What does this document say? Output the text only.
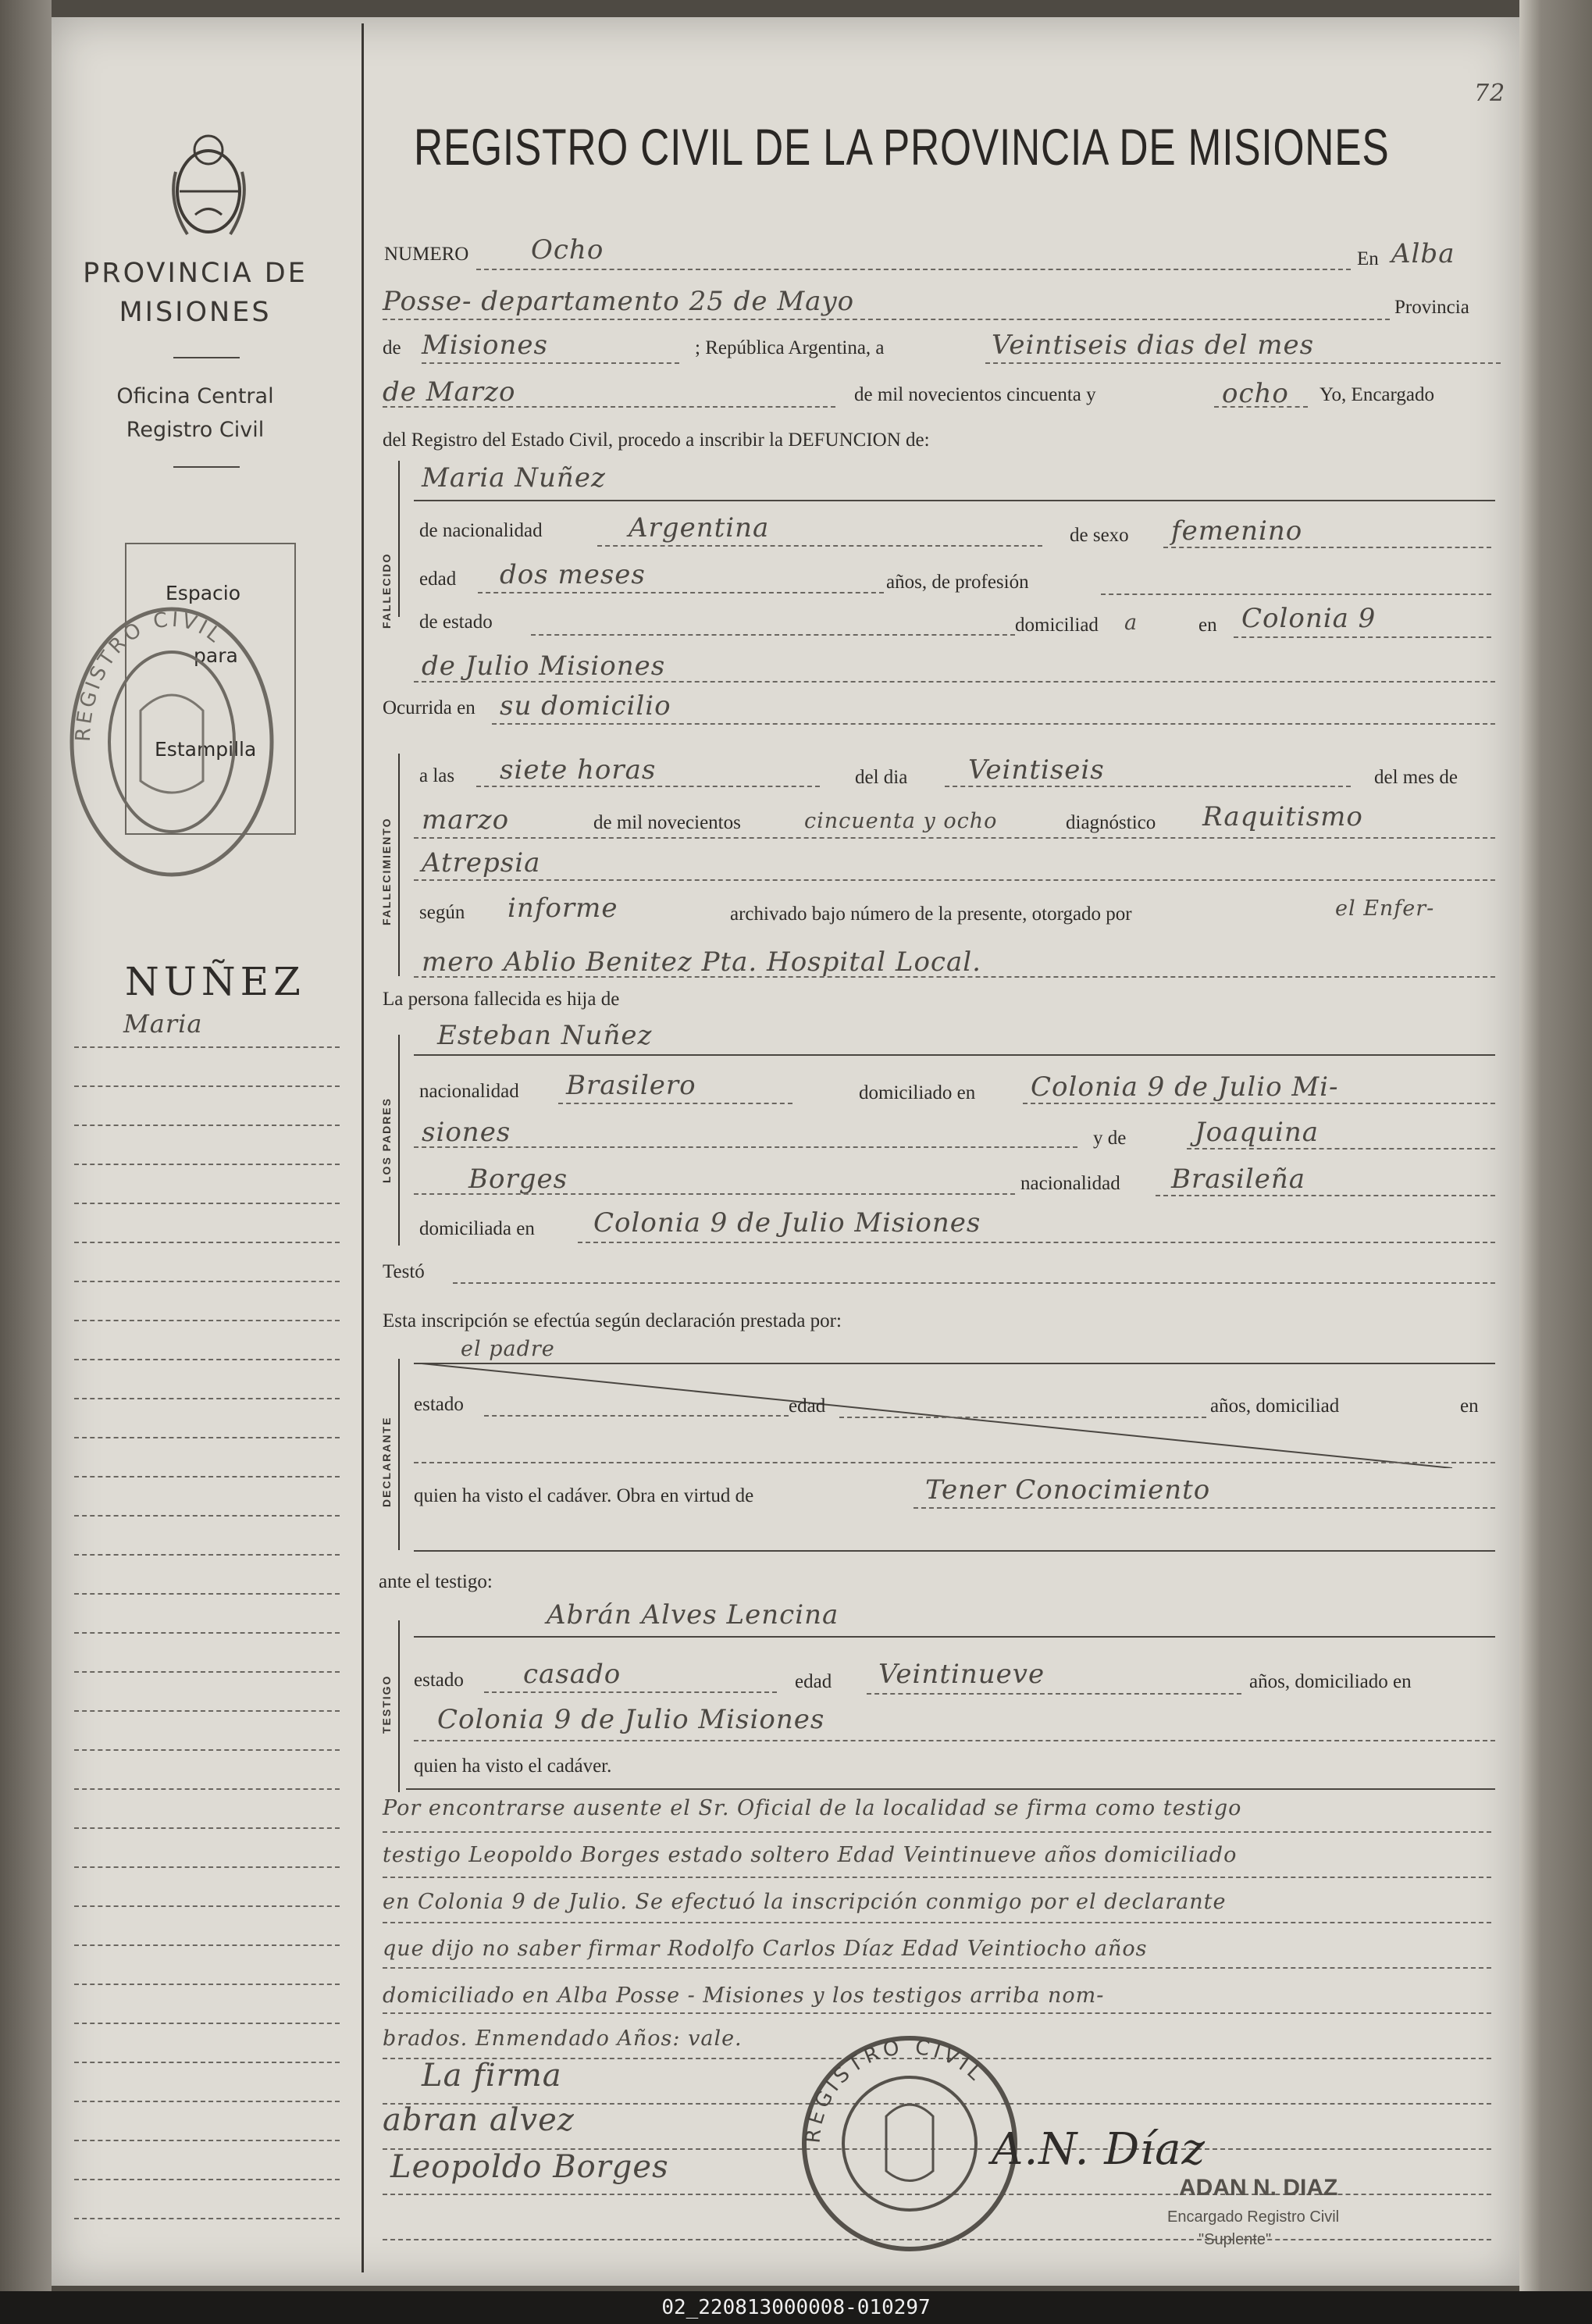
72
REGISTRO CIVIL DE LA PROVINCIA DE MISIONES
PROVINCIA DE
MISIONES
Oficina Central
Registro Civil
Espacio
para
Estampilla
REGISTRO CIVIL
NUÑEZ
Maria
NUMERO Ocho	En Alba
Posse- departamento 25 de Mayo	Provincia
de Misiones	; República Argentina, a	Veintiseis dias del mes
de Marzo	de mil novecientos cincuenta y	ocho Yo, Encargado
del Registro del Estado Civil, procedo a inscribir la DEFUNCION de:
FALLECIDO
Maria Nuñez
de nacionalidad	Argentina	de sexo femenino
edad dos meses	años, de profesión
de estado	domiciliad a	en Colonia 9
de Julio Misiones
Ocurrida en su domicilio
FALLECIMIENTO
a las siete horas	del dia Veintiseis	del mes de
marzo	de mil novecientos	cincuenta y ocho	diagnóstico Raquitismo
Atrepsia
según informe	archivado bajo número de la presente, otorgado por	el Enfer-
mero Ablio Benitez Pta. Hospital Local.
La persona fallecida es hija de
LOS PADRES
Esteban Nuñez
nacionalidad Brasilero	domiciliado en Colonia 9 de Julio Mi-
siones	y de	Joaquina
Borges	nacionalidad Brasileña
domiciliada en Colonia 9 de Julio Misiones
Testó
Esta inscripción se efectúa según declaración prestada por:
DECLARANTE
el padre
estado	edad	años, domiciliad	en
quien ha visto el cadáver. Obra en virtud de	Tener Conocimiento
ante el testigo:
TESTIGO
Abrán Alves Lencina
estado casado	edad Veintinueve	años, domiciliado en
Colonia 9 de Julio Misiones
quien ha visto el cadáver.
Por encontrarse ausente el Sr. Oficial de la localidad se firma como testigo
testigo Leopoldo Borges estado soltero Edad Veintinueve años domiciliado
en Colonia 9 de Julio. Se efectuó la inscripción conmigo por el declarante
que dijo no saber firmar Rodolfo Carlos Díaz Edad Veintiocho años
domiciliado en Alba Posse - Misiones y los testigos arriba nom-
brados. Enmendado Años: vale.
La firma
abran alvez
Leopoldo Borges
REGISTRO CIVIL
A.N. Díaz
ADAN N. DIAZ
Encargado Registro Civil
"Suplente"
02_220813000008-010297
